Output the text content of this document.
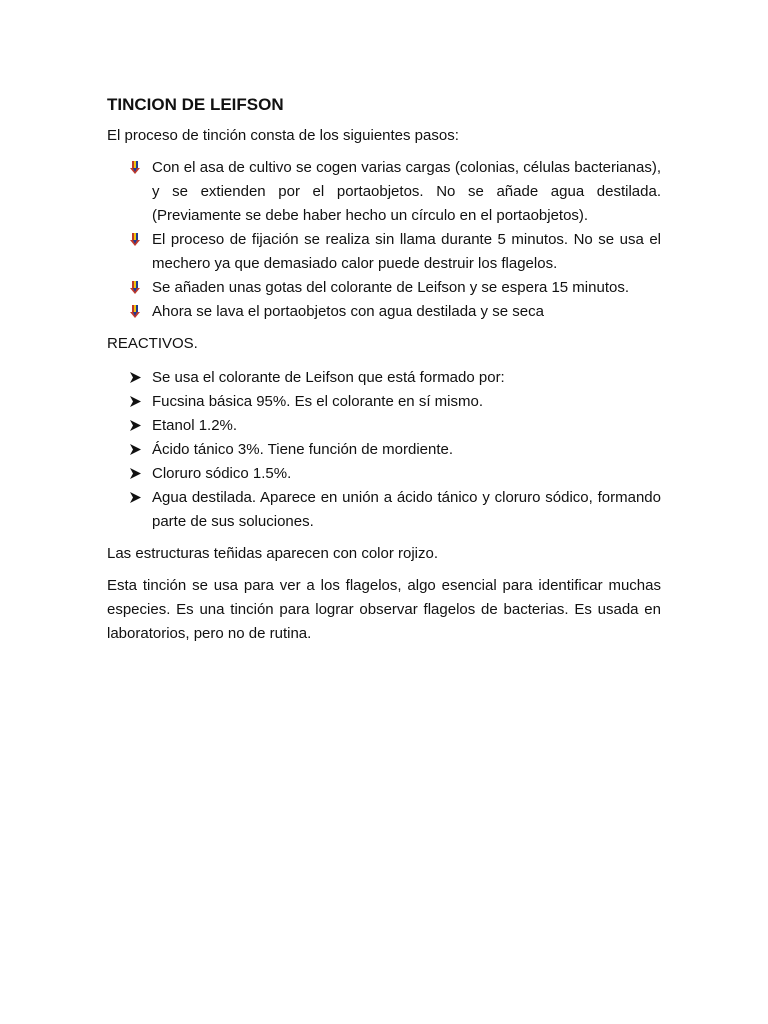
TINCION DE LEIFSON

El proceso de tinción consta de los siguientes pasos:

Con el asa de cultivo se cogen varias cargas (colonias, células bacterianas), y se extienden por el portaobjetos. No se añade agua destilada. (Previamente se debe haber hecho un círculo en el portaobjetos).
El proceso de fijación se realiza sin llama durante 5 minutos. No se usa el mechero ya que demasiado calor puede destruir los flagelos.
Se añaden unas gotas del colorante de Leifson y se espera 15 minutos.
Ahora se lava el portaobjetos con agua destilada y se seca

REACTIVOS.

Se usa el colorante de Leifson que está formado por:
Fucsina básica 95%. Es el colorante en sí mismo.
Etanol 1.2%.
Ácido tánico 3%. Tiene función de mordiente.
Cloruro sódico 1.5%.
Agua destilada. Aparece en unión a ácido tánico y cloruro sódico, formando parte de sus soluciones.

Las estructuras teñidas aparecen con color rojizo.

Esta tinción se usa para ver a los flagelos, algo esencial para identificar muchas especies. Es una tinción para lograr observar flagelos de bacterias. Es usada en laboratorios, pero no de rutina.
